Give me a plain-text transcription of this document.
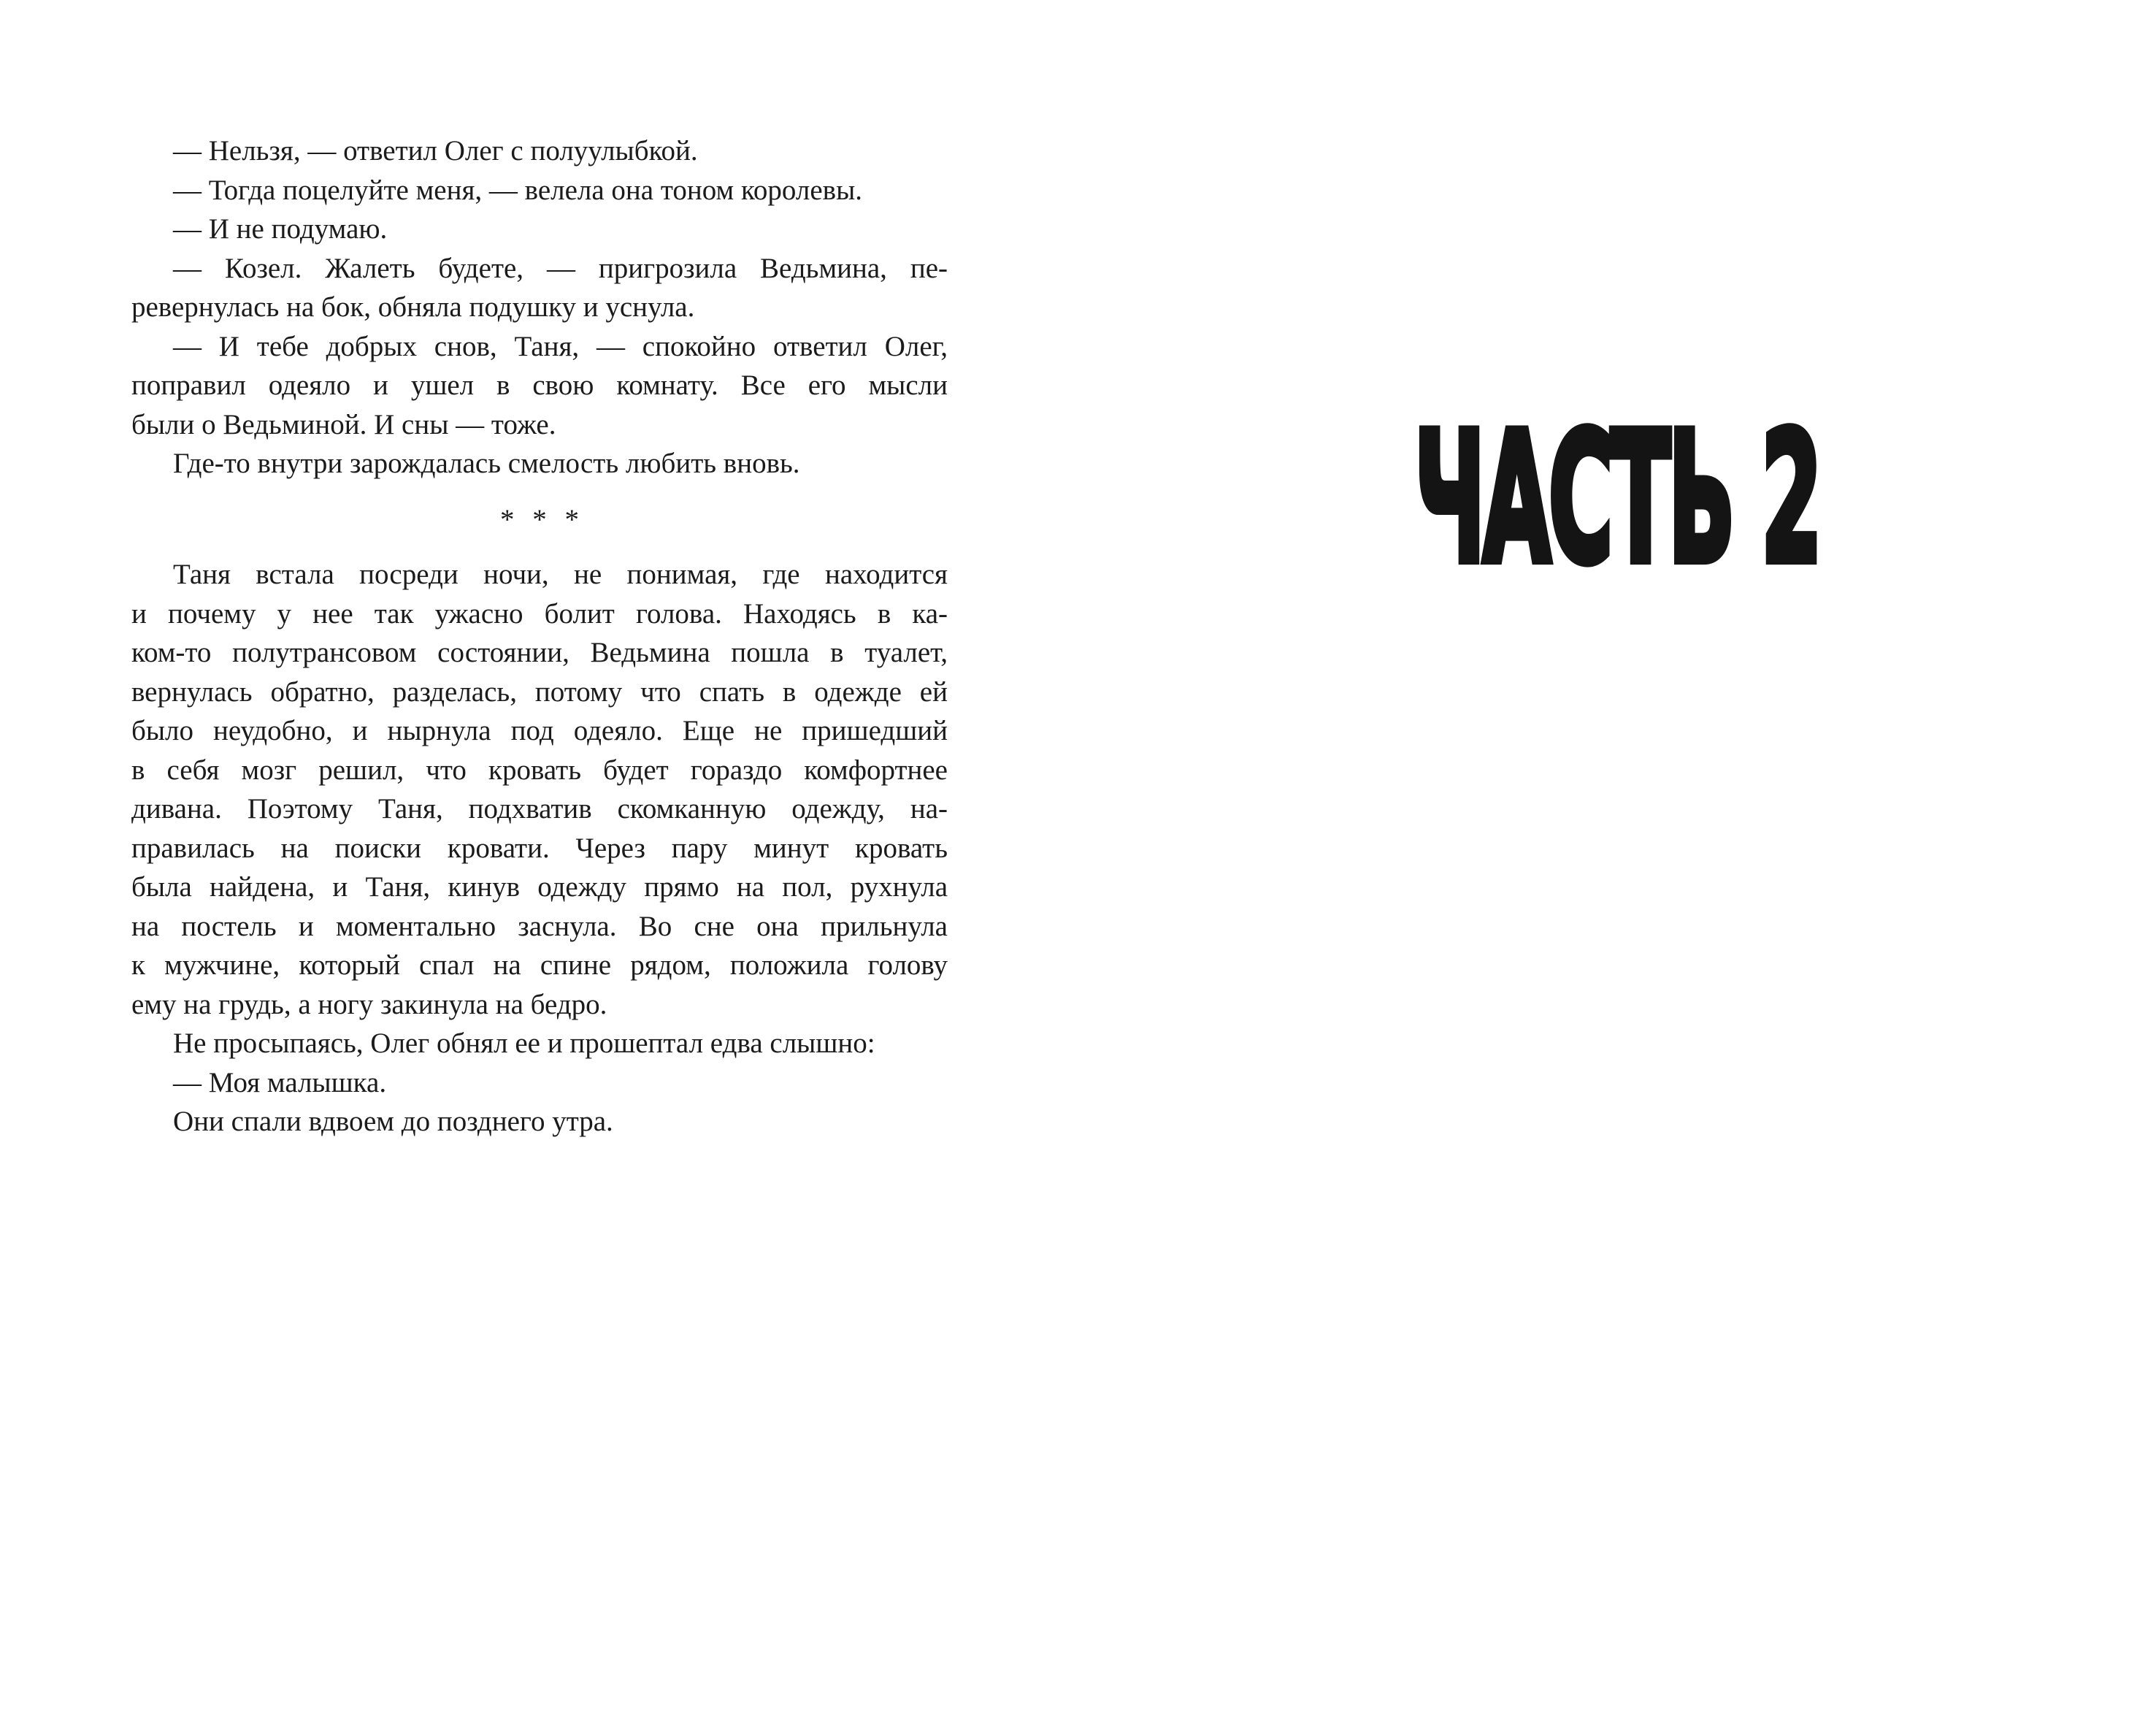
— Нельзя, — ответил Олег с полуулыбкой.
— Тогда поцелуйте меня, — велела она тоном королевы.
— И не подумаю.
— Козел. Жалеть будете, — пригрозила Ведьмина, пе-
ревернулась на бок, обняла подушку и уснула.
— И тебе добрых снов, Таня, — спокойно ответил Олег,
поправил одеяло и ушел в свою комнату. Все его мысли
были о Ведьминой. И сны — тоже.
Где-то внутри зарождалась смелость любить вновь.
* * *
Таня встала посреди ночи, не понимая, где находится
и почему у нее так ужасно болит голова. Находясь в ка-
ком-то полутрансовом состоянии, Ведьмина пошла в туалет,
вернулась обратно, разделась, потому что спать в одежде ей
было неудобно, и нырнула под одеяло. Еще не пришедший
в себя мозг решил, что кровать будет гораздо комфортнее
дивана. Поэтому Таня, подхватив скомканную одежду, на-
правилась на поиски кровати. Через пару минут кровать
была найдена, и Таня, кинув одежду прямо на пол, рухнула
на постель и моментально заснула. Во сне она прильнула
к мужчине, который спал на спине рядом, положила голову
ему на грудь, а ногу закинула на бедро.
Не просыпаясь, Олег обнял ее и прошептал едва слышно:
— Моя малышка.
Они спали вдвоем до позднего утра.
ЧАСТЬ 2
